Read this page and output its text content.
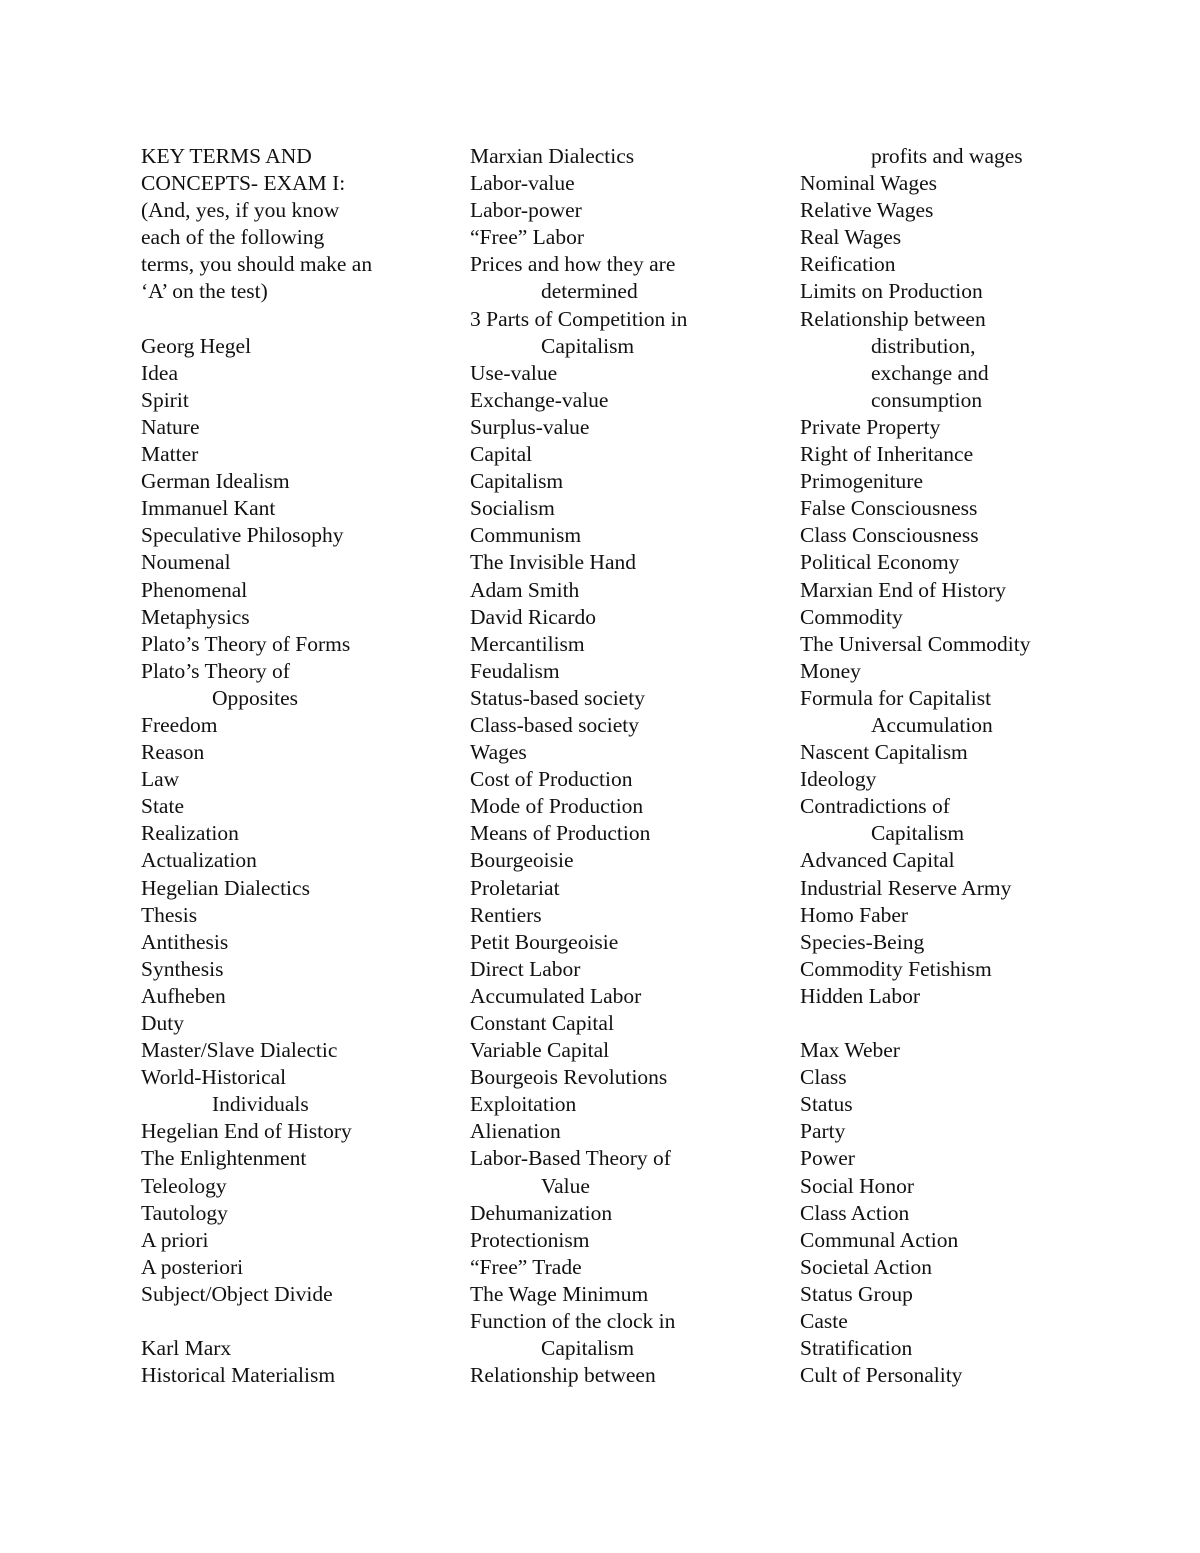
KEY TERMS AND
CONCEPTS- EXAM I:
(And, yes, if you know
each of the following
terms, you should make an
‘A’ on the test)
Georg Hegel
Idea
Spirit
Nature
Matter
German Idealism
Immanuel Kant
Speculative Philosophy
Noumenal
Phenomenal
Metaphysics
Plato’s Theory of Forms
Plato’s Theory of
Opposites
Freedom
Reason
Law
State
Realization
Actualization
Hegelian Dialectics
Thesis
Antithesis
Synthesis
Aufheben
Duty
Master/Slave Dialectic
World-Historical
Individuals
Hegelian End of History
The Enlightenment
Teleology
Tautology
A priori
A posteriori
Subject/Object Divide
Karl Marx
Historical Materialism
Marxian Dialectics
Labor-value
Labor-power
“Free” Labor
Prices and how they are
determined
3 Parts of Competition in
Capitalism
Use-value
Exchange-value
Surplus-value
Capital
Capitalism
Socialism
Communism
The Invisible Hand
Adam Smith
David Ricardo
Mercantilism
Feudalism
Status-based society
Class-based society
Wages
Cost of Production
Mode of Production
Means of Production
Bourgeoisie
Proletariat
Rentiers
Petit Bourgeoisie
Direct Labor
Accumulated Labor
Constant Capital
Variable Capital
Bourgeois Revolutions
Exploitation
Alienation
Labor-Based Theory of
Value
Dehumanization
Protectionism
“Free” Trade
The Wage Minimum
Function of the clock in
Capitalism
Relationship between
profits and wages
Nominal Wages
Relative Wages
Real Wages
Reification
Limits on Production
Relationship between
distribution,
exchange and
consumption
Private Property
Right of Inheritance
Primogeniture
False Consciousness
Class Consciousness
Political Economy
Marxian End of History
Commodity
The Universal Commodity
Money
Formula for Capitalist
Accumulation
Nascent Capitalism
Ideology
Contradictions of
Capitalism
Advanced Capital
Industrial Reserve Army
Homo Faber
Species-Being
Commodity Fetishism
Hidden Labor
Max Weber
Class
Status
Party
Power
Social Honor
Class Action
Communal Action
Societal Action
Status Group
Caste
Stratification
Cult of Personality
